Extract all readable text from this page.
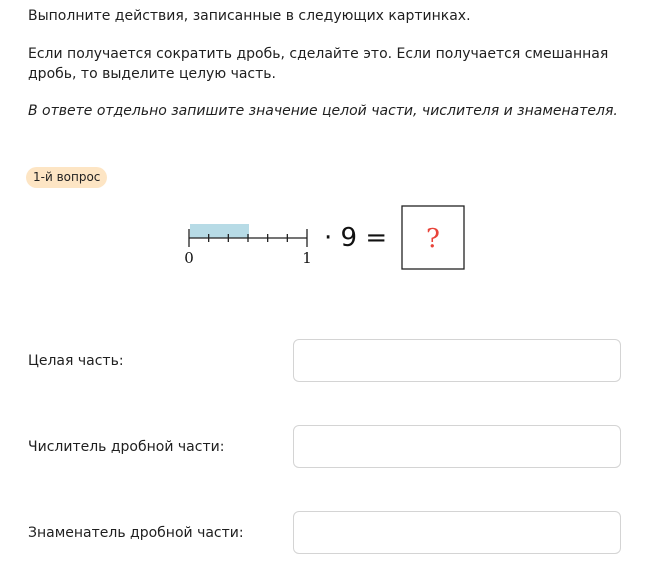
Выполните действия, записанные в следующих картинках.

Если получается сократить дробь, сделайте это. Если получается смешанная дробь, то выделите целую часть.

В ответе отдельно запишите значение целой части, числителя и знаменателя.

1-й вопрос
0	1
· 9 = ?
Целая часть:
Числитель дробной части:
Знаменатель дробной части:
